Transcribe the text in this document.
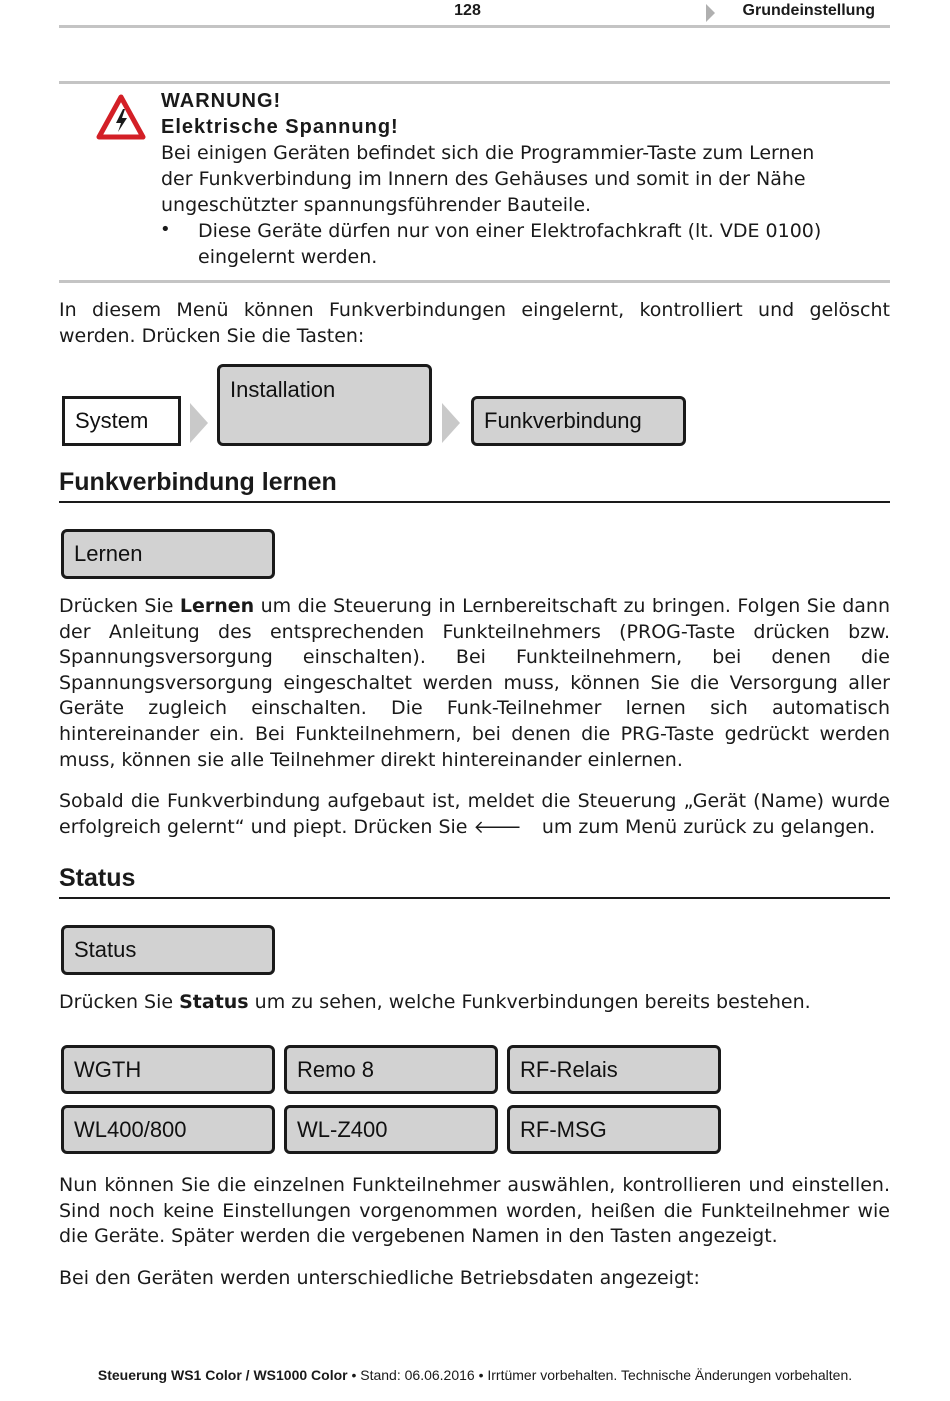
128	Grundeinstellung
WARNUNG!
Elektrische Spannung!
Bei einigen Geräten befindet sich die Programmier-Taste zum Lernen
der Funkverbindung im Innern des Gehäuses und somit in der Nähe
ungeschützter spannungsführender Bauteile.
• Diese Geräte dürfen nur von einer Elektrofachkraft (lt. VDE 0100)
eingelernt werden.
In diesem Menü können Funkverbindungen eingelernt, kontrolliert und gelöscht werden. Drücken Sie die Tasten:
System
Installation
Funkverbindung
Funkverbindung lernen
Lernen
Drücken Sie Lernen um die Steuerung in Lernbereitschaft zu bringen. Folgen Sie dann der Anleitung des entsprechenden Funkteilnehmers (PROG-Taste drücken bzw. Spannungsversorgung einschalten). Bei Funkteilnehmern, bei denen die Spannungsversorgung eingeschaltet werden muss, können Sie die Versorgung aller Geräte zugleich einschalten. Die Funk-Teilnehmer lernen sich automatisch hintereinander ein. Bei Funkteilnehmern, bei denen die PRG-Taste gedrückt werden muss, können sie alle Teilnehmer direkt hintereinander einlernen.
Sobald die Funkverbindung aufgebaut ist, meldet die Steuerung „Gerät (Name) wurde erfolgreich gelernt“ und piept. Drücken Sie 🡐 um zum Menü zurück zu gelangen.
Status
Status
Drücken Sie Status um zu sehen, welche Funkverbindungen bereits bestehen.
WGTH	Remo 8	RF-Relais
WL400/800	WL-Z400	RF-MSG
Nun können Sie die einzelnen Funkteilnehmer auswählen, kontrollieren und einstellen. Sind noch keine Einstellungen vorgenommen worden, heißen die Funkteilnehmer wie die Geräte. Später werden die vergebenen Namen in den Tasten angezeigt.
Bei den Geräten werden unterschiedliche Betriebsdaten angezeigt:
Steuerung WS1 Color / WS1000 Color • Stand: 06.06.2016 • Irrtümer vorbehalten. Technische Änderungen vorbehalten.
